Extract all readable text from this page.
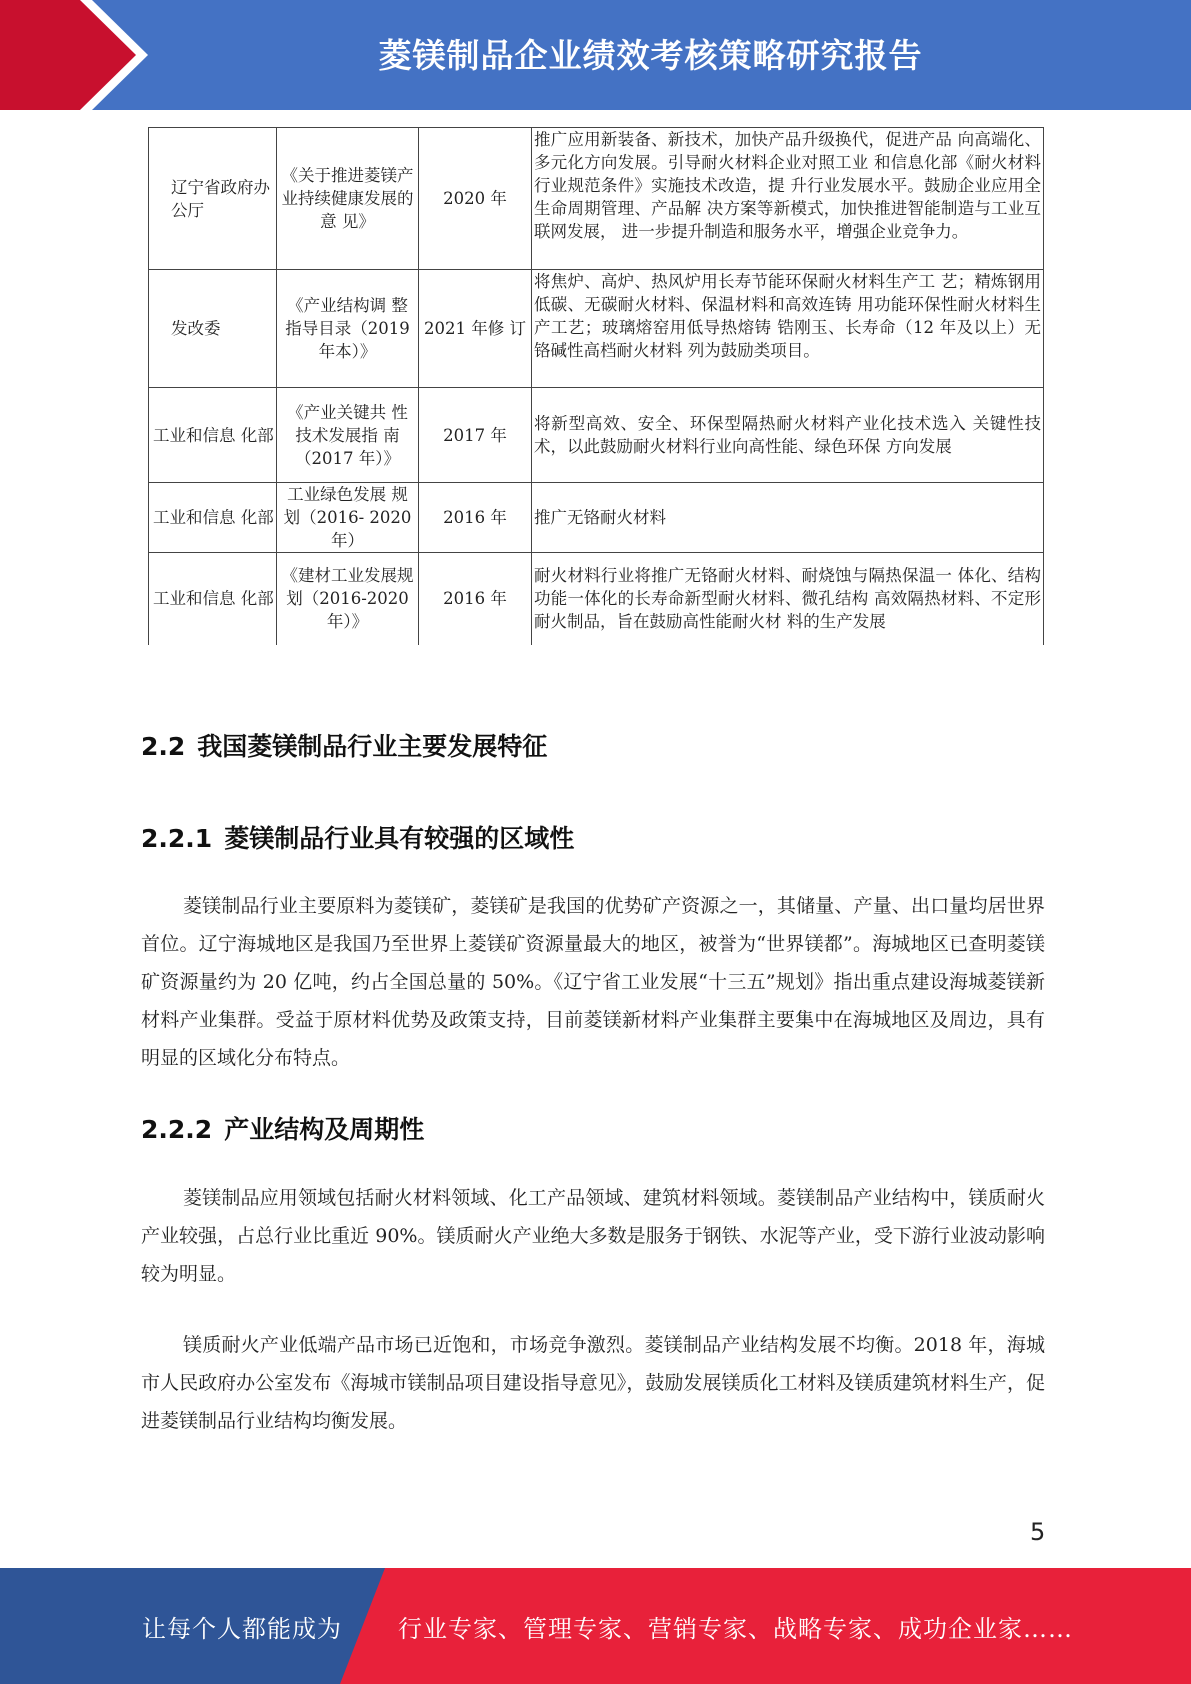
菱镁制品企业绩效考核策略研究报告
辽宁省政府办公厅	《关于推进菱镁产业持续健康发展的意 见》	2020 年	推广应用新装备、新技术，加快产品升级换代，促进产品 向高端化、多元化方向发展。引导耐火材料企业对照工业 和信息化部《耐火材料行业规范条件》实施技术改造，提 升行业发展水平。鼓励企业应用全生命周期管理、产品解 决方案等新模式，加快推进智能制造与工业互联网发展， 进一步提升制造和服务水平，增强企业竞争力。
发改委	《产业结构调 整指导目录（2019 年本）》	2021 年修 订	将焦炉、高炉、热风炉用长寿节能环保耐火材料生产工 艺；精炼钢用低碳、无碳耐火材料、保温材料和高效连铸 用功能环保性耐火材料生产工艺；玻璃熔窑用低导热熔铸 锆刚玉、长寿命（12 年及以上）无铬碱性高档耐火材料 列为鼓励类项目。
工业和信息 化部	《产业关键共 性技术发展指 南（2017 年）》	2017 年	将新型高效、安全、环保型隔热耐火材料产业化技术选入 关键性技术，以此鼓励耐火材料行业向高性能、绿色环保 方向发展
工业和信息 化部	工业绿色发展 规划（2016- 2020 年）	2016 年	推广无铬耐火材料
工业和信息 化部	《建材工业发展规划（2016-2020 年）》	2016 年	耐火材料行业将推广无铬耐火材料、耐烧蚀与隔热保温一 体化、结构功能一体化的长寿命新型耐火材料、微孔结构 高效隔热材料、不定形耐火制品，旨在鼓励高性能耐火材 料的生产发展
2.2 我国菱镁制品行业主要发展特征
2.2.1 菱镁制品行业具有较强的区域性
菱镁制品行业主要原料为菱镁矿，菱镁矿是我国的优势矿产资源之一，其储量、产量、出口量均居世界首位。辽宁海城地区是我国乃至世界上菱镁矿资源量最大的地区，被誉为“世界镁都”。海城地区已查明菱镁矿资源量约为 20 亿吨，约占全国总量的 50%。《辽宁省工业发展“十三五”规划》指出重点建设海城菱镁新材料产业集群。受益于原材料优势及政策支持，目前菱镁新材料产业集群主要集中在海城地区及周边，具有明显的区域化分布特点。
2.2.2 产业结构及周期性
菱镁制品应用领域包括耐火材料领域、化工产品领域、建筑材料领域。菱镁制品产业结构中，镁质耐火产业较强，占总行业比重近 90%。镁质耐火产业绝大多数是服务于钢铁、水泥等产业，受下游行业波动影响较为明显。
镁质耐火产业低端产品市场已近饱和，市场竞争激烈。菱镁制品产业结构发展不均衡。2018 年，海城市人民政府办公室发布《海城市镁制品项目建设指导意见》，鼓励发展镁质化工材料及镁质建筑材料生产，促进菱镁制品行业结构均衡发展。
5
让每个人都能成为 行业专家、管理专家、营销专家、战略专家、成功企业家……
